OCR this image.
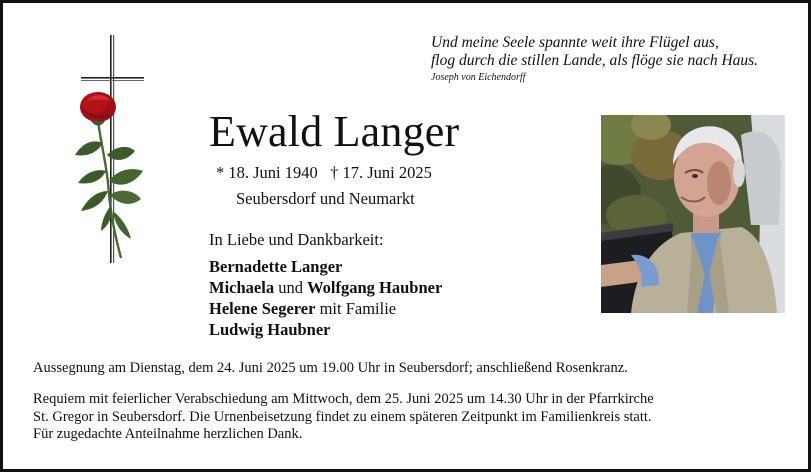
Und meine Seele spannte weit ihre Flügel aus,
flog durch die stillen Lande, als flöge sie nach Haus.
Joseph von Eichendorff
Ewald Langer
* 18. Juni 1940 † 17. Juni 2025
Seubersdorf und Neumarkt
In Liebe und Dankbarkeit:
Bernadette Langer
Michaela und Wolfgang Haubner
Helene Segerer mit Familie
Ludwig Haubner
Aussegnung am Dienstag, dem 24. Juni 2025 um 19.00 Uhr in Seubersdorf; anschließend Rosenkranz.
Requiem mit feierlicher Verabschiedung am Mittwoch, dem 25. Juni 2025 um 14.30 Uhr in der Pfarrkirche
St. Gregor in Seubersdorf. Die Urnenbeisetzung findet zu einem späteren Zeitpunkt im Familienkreis statt.
Für zugedachte Anteilnahme herzlichen Dank.
